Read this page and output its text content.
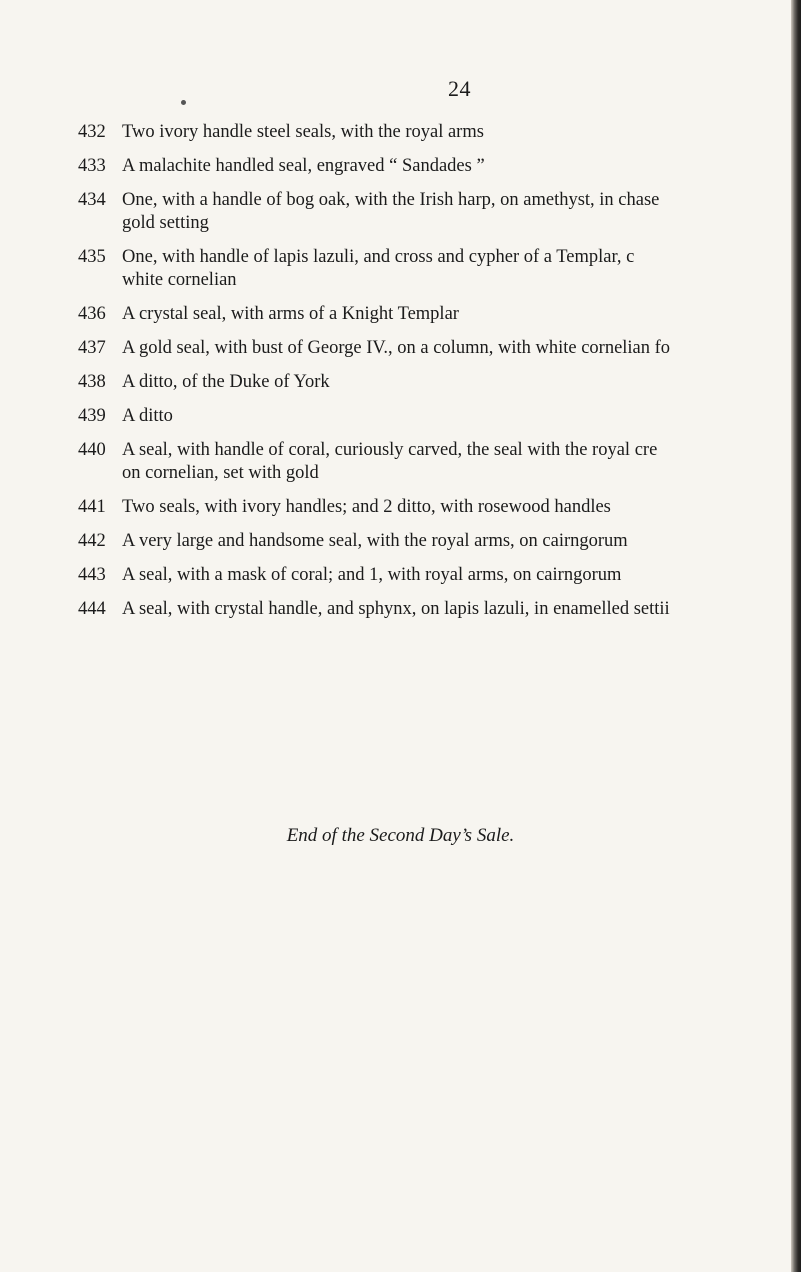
24
432 Two ivory handle steel seals, with the royal arms
433 A malachite handled seal, engraved “ Sandades ”
434 One, with a handle of bog oak, with the Irish harp, on amethyst, in chase
gold setting
435 One, with handle of lapis lazuli, and cross and cypher of a Templar, c
white cornelian
436 A crystal seal, with arms of a Knight Templar
437 A gold seal, with bust of George IV., on a column, with white cornelian fo
438 A ditto, of the Duke of York
439 A ditto
440 A seal, with handle of coral, curiously carved, the seal with the royal cre
on cornelian, set with gold
441 Two seals, with ivory handles; and 2 ditto, with rosewood handles
442 A very large and handsome seal, with the royal arms, on cairngorum
443 A seal, with a mask of coral; and 1, with royal arms, on cairngorum
444 A seal, with crystal handle, and sphynx, on lapis lazuli, in enamelled settii
End of the Second Day’s Sale.
